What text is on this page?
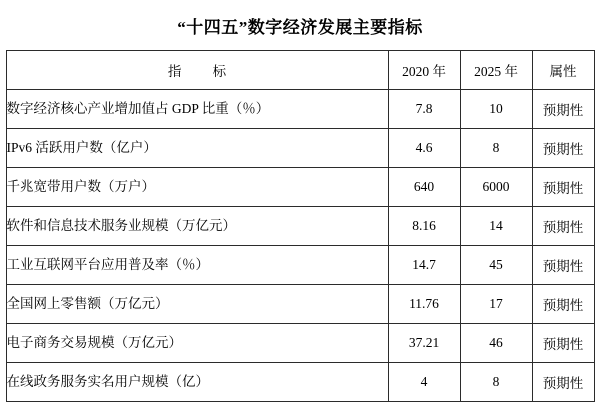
“十四五”数字经济发展主要指标
指 标	2020 年	2025 年	属性
数字经济核心产业增加值占 GDP 比重（％）	7.8	10	预期性
IPv6 活跃用户数（亿户）	4.6	8	预期性
千兆宽带用户数（万户）	640	6000	预期性
软件和信息技术服务业规模（万亿元）	8.16	14	预期性
工业互联网平台应用普及率（％）	14.7	45	预期性
全国网上零售额（万亿元）	11.76	17	预期性
电子商务交易规模（万亿元）	37.21	46	预期性
在线政务服务实名用户规模（亿）	4	8	预期性
